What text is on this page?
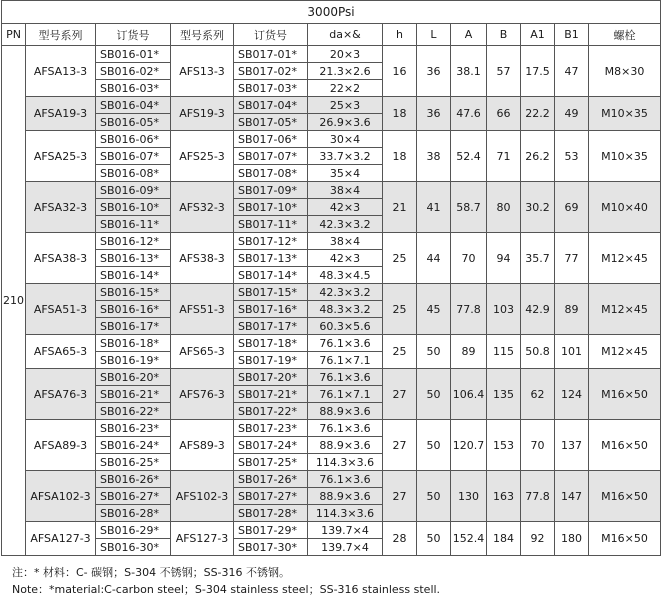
3000Psi												
PN	型号系列	订货号	型号系列	订货号	da×&	h	L	A	B	A1	B1	螺栓
210	AFSA13-3	SB016-01*	AFS13-3	SB017-01*	20×3	16	36	38.1	57	17.5	47	M8×30
		SB016-02*		SB017-02*	21.3×2.6							
		SB016-03*		SB017-03*	22×2							
	AFSA19-3	SB016-04*	AFS19-3	SB017-04*	25×3	18	36	47.6	66	22.2	49	M10×35
		SB016-05*		SB017-05*	26.9×3.6							
	AFSA25-3	SB016-06*	AFS25-3	SB017-06*	30×4	18	38	52.4	71	26.2	53	M10×35
		SB016-07*		SB017-07*	33.7×3.2							
		SB016-08*		SB017-08*	35×4							
	AFSA32-3	SB016-09*	AFS32-3	SB017-09*	38×4	21	41	58.7	80	30.2	69	M10×40
		SB016-10*		SB017-10*	42×3							
		SB016-11*		SB017-11*	42.3×3.2							
	AFSA38-3	SB016-12*	AFS38-3	SB017-12*	38×4	25	44	70	94	35.7	77	M12×45
		SB016-13*		SB017-13*	42×3							
		SB016-14*		SB017-14*	48.3×4.5							
	AFSA51-3	SB016-15*	AFS51-3	SB017-15*	42.3×3.2	25	45	77.8	103	42.9	89	M12×45
		SB016-16*		SB017-16*	48.3×3.2							
		SB016-17*		SB017-17*	60.3×5.6							
	AFSA65-3	SB016-18*	AFS65-3	SB017-18*	76.1×3.6	25	50	89	115	50.8	101	M12×45
		SB016-19*		SB017-19*	76.1×7.1							
	AFSA76-3	SB016-20*	AFS76-3	SB017-20*	76.1×3.6	27	50	106.4	135	62	124	M16×50
		SB016-21*		SB017-21*	76.1×7.1							
		SB016-22*		SB017-22*	88.9×3.6							
	AFSA89-3	SB016-23*	AFS89-3	SB017-23*	76.1×3.6	27	50	120.7	153	70	137	M16×50
		SB016-24*		SB017-24*	88.9×3.6							
		SB016-25*		SB017-25*	114.3×3.6							
	AFSA102-3	SB016-26*	AFS102-3	SB017-26*	76.1×3.6	27	50	130	163	77.8	147	M16×50
		SB016-27*		SB017-27*	88.9×3.6							
		SB016-28*		SB017-28*	114.3×3.6							
	AFSA127-3	SB016-29*	AFS127-3	SB017-29*	139.7×4	28	50	152.4	184	92	180	M16×50
		SB016-30*		SB017-30*	139.7×4							
注：* 材料：C- 碳钢；S-304 不锈钢；SS-316 不锈钢。
Note：*material:C-carbon steel；S-304 stainless steel；SS-316 stainless stell.
